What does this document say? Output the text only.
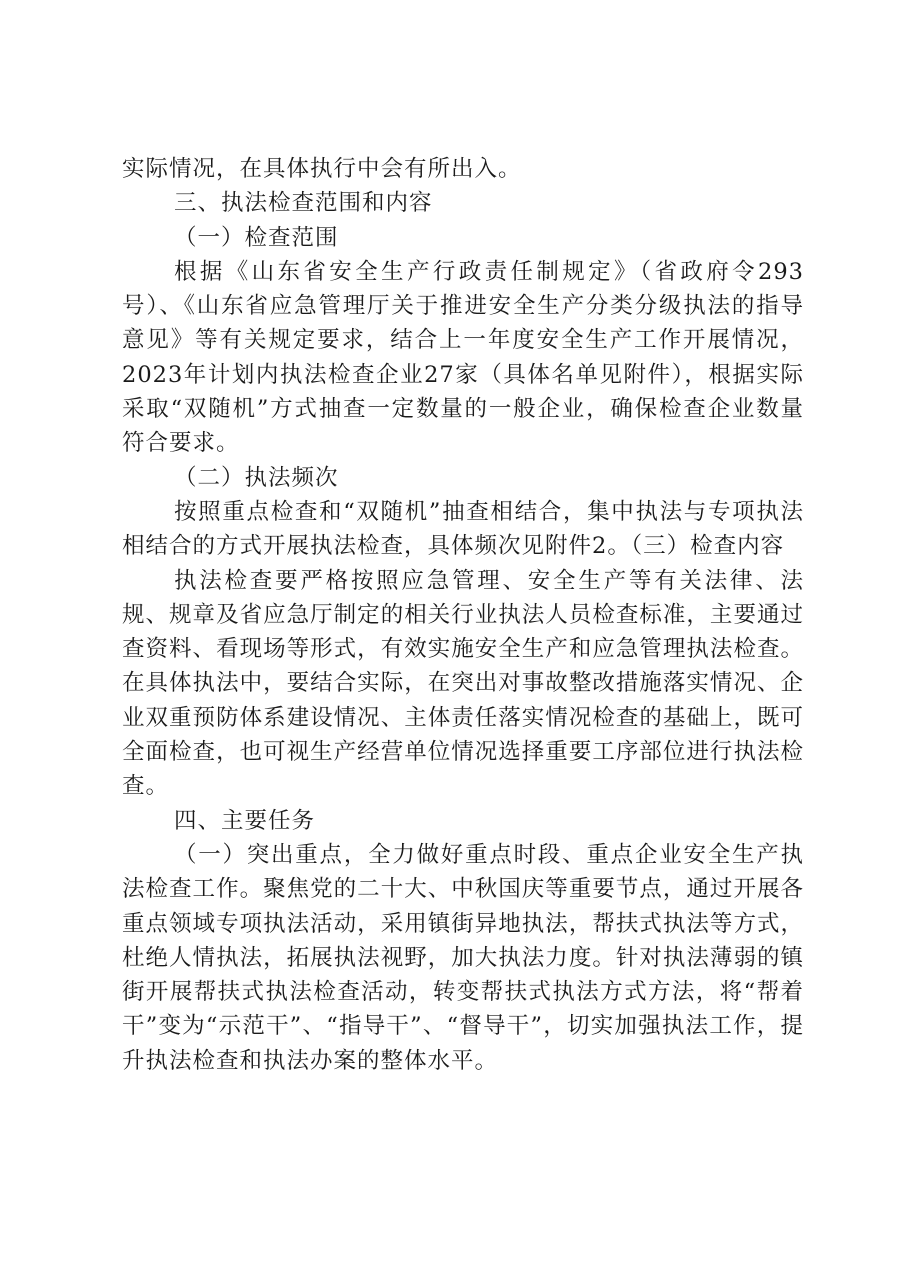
实际情况，在具体执行中会有所出入。

三、执法检查范围和内容

（一）检查范围

根据《山东省安全生产行政责任制规定》（省政府令293号）、《山东省应急管理厅关于推进安全生产分类分级执法的指导意见》等有关规定要求，结合上一年度安全生产工作开展情况，2023年计划内执法检查企业27家（具体名单见附件），根据实际采取“双随机”方式抽查一定数量的一般企业，确保检查企业数量符合要求。

（二）执法频次

按照重点检查和“双随机”抽查相结合，集中执法与专项执法相结合的方式开展执法检查，具体频次见附件2。（三）检查内容

执法检查要严格按照应急管理、安全生产等有关法律、法规、规章及省应急厅制定的相关行业执法人员检查标准，主要通过查资料、看现场等形式，有效实施安全生产和应急管理执法检查。在具体执法中，要结合实际，在突出对事故整改措施落实情况、企业双重预防体系建设情况、主体责任落实情况检查的基础上，既可全面检查，也可视生产经营单位情况选择重要工序部位进行执法检查。

四、主要任务

（一）突出重点，全力做好重点时段、重点企业安全生产执法检查工作。聚焦党的二十大、中秋国庆等重要节点，通过开展各重点领域专项执法活动，采用镇街异地执法，帮扶式执法等方式，杜绝人情执法，拓展执法视野，加大执法力度。针对执法薄弱的镇街开展帮扶式执法检查活动，转变帮扶式执法方式方法，将“帮着干”变为“示范干”、“指导干”、“督导干”，切实加强执法工作，提升执法检查和执法办案的整体水平。
